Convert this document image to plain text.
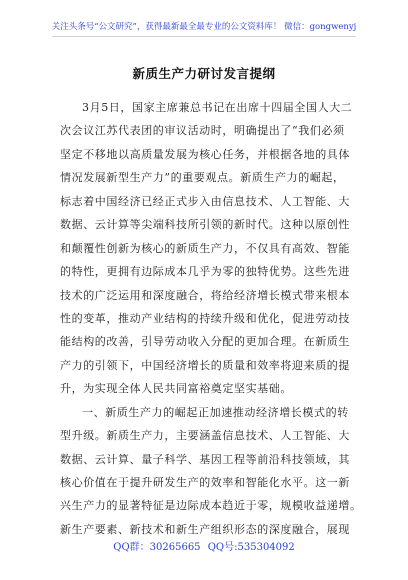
关注头条号“公文研究”，获得最新最全最专业的公文资料库！ 微信：gongwenyj
新质生产力研讨发言提纲
3月5日，国家主席兼总书记在出席十四届全国人大二
次会议江苏代表团的审议活动时，明确提出了“我们必须
坚定不移地以高质量发展为核心任务，并根据各地的具体
情况发展新型生产力”的重要观点。新质生产力的崛起，
标志着中国经济已经正式步入由信息技术、人工智能、大
数据、云计算等尖端科技所引领的新时代。这种以原创性
和颠覆性创新为核心的新质生产力，不仅具有高效、智能
的特性，更拥有边际成本几乎为零的独特优势。这些先进
技术的广泛运用和深度融合，将给经济增长模式带来根本
性的变革，推动产业结构的持续升级和优化，促进劳动技
能结构的改善，引导劳动收入分配的更加合理。在新质生
产力的引领下，中国经济增长的质量和效率将迎来质的提
升，为实现全体人民共同富裕奠定坚实基础。
一、新质生产力的崛起正加速推动经济增长模式的转
型升级。新质生产力，主要涵盖信息技术、人工智能、大
数据、云计算、量子科学、基因工程等前沿科技领域，其
核心价值在于提升研发生产的效率和智能化水平。这一新
兴生产力的显著特征是边际成本趋近于零，规模收益递增。
新生产要素、新技术和新生产组织形态的深度融合，展现
QQ群：30265665 QQ号:535304092
